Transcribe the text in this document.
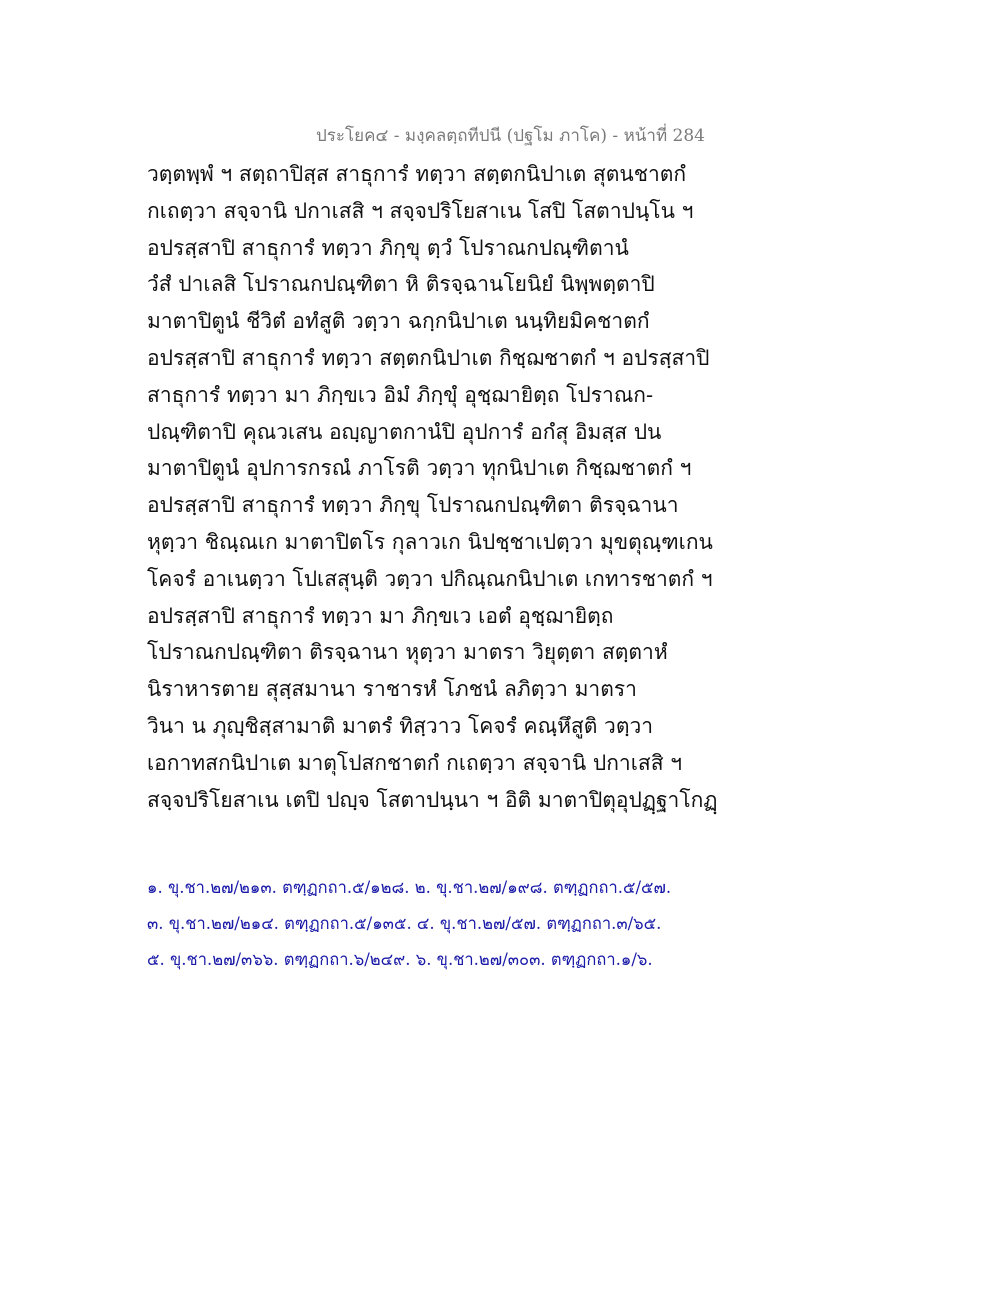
ประโยค๔ - มงฺคลตฺถทีปนี (ปฐโม ภาโค) - หน้าที่ 284
วตฺตพฺพํ ฯ สตฺถาปิสฺส สาธุการํ ทตฺวา สตฺตกนิปาเต สุตนชาตกํ
กเถตฺวา สจฺจานิ ปกาเสสิ ฯ สจฺจปริโยสาเน โสปิ โสตาปนฺโน ฯ
อปรสฺสาปิ สาธุการํ ทตฺวา ภิกฺขุ ตฺวํ โปราณกปณฺฑิตานํ
วํสํ ปาเลสิ โปราณกปณฺฑิตา หิ ติรจฺฉานโยนิยํ นิพฺพตฺตาปิ
มาตาปิตูนํ ชีวิตํ อทํสูติ วตฺวา ฉกฺกนิปาเต นนฺทิยมิคชาตกํ
อปรสฺสาปิ สาธุการํ ทตฺวา สตฺตกนิปาเต กิชฺฌชาตกํ ฯ อปรสฺสาปิ
สาธุการํ ทตฺวา มา ภิกฺขเว อิมํ ภิกฺขุํ อุชฺฌายิตฺถ โปราณก-
ปณฺฑิตาปิ คุณวเสน อญฺญาตกานํปิ อุปการํ อกํสุ อิมสฺส ปน
มาตาปิตูนํ อุปการกรณํ ภาโรติ วตฺวา ทุกนิปาเต กิชฺฌชาตกํ ฯ
อปรสฺสาปิ สาธุการํ ทตฺวา ภิกฺขุ โปราณกปณฺฑิตา ติรจฺฉานา
หุตฺวา ชิณฺณเก มาตาปิตโร กุลาวเก นิปชฺชาเปตฺวา มุขตุณฺฑเกน
โคจรํ อาเนตฺวา โปเสสุนฺติ วตฺวา ปกิณฺณกนิปาเต เกทารชาตกํ ฯ
อปรสฺสาปิ สาธุการํ ทตฺวา มา ภิกฺขเว เอตํ อุชฺฌายิตฺถ
โปราณกปณฺฑิตา ติรจฺฉานา หุตฺวา มาตรา วิยุตฺตา สตฺตาหํ
นิราหารตาย สุสฺสมานา ราชารหํ โภชนํ ลภิตฺวา มาตรา
วินา น ภุญฺชิสฺสามาติ มาตรํ ทิสฺวาว โคจรํ คณฺหึสูติ วตฺวา
เอกาทสกนิปาเต มาตุโปสกชาตกํ กเถตฺวา สจฺจานิ ปกาเสสิ ฯ
สจฺจปริโยสาเน เตปิ ปญฺจ โสตาปนฺนา ฯ อิติ มาตาปิตุอุปฏฺฐาโกฏฺ
๑. ขุ.ชา.๒๗/๒๑๓. ตฑฺฏกถา.๕/๑๒๘. ๒. ขุ.ชา.๒๗/๑๙๘. ตฑฺฏกถา.๕/๕๗.
๓. ขุ.ชา.๒๗/๒๑๔. ตฑฺฏกถา.๕/๑๓๕. ๔. ขุ.ชา.๒๗/๕๗. ตฑฺฏกถา.๓/๖๕.
๕. ขุ.ชา.๒๗/๓๖๖. ตฑฺฏกถา.๖/๒๔๙. ๖. ขุ.ชา.๒๗/๓๐๓. ตฑฺฏกถา.๑/๖.
